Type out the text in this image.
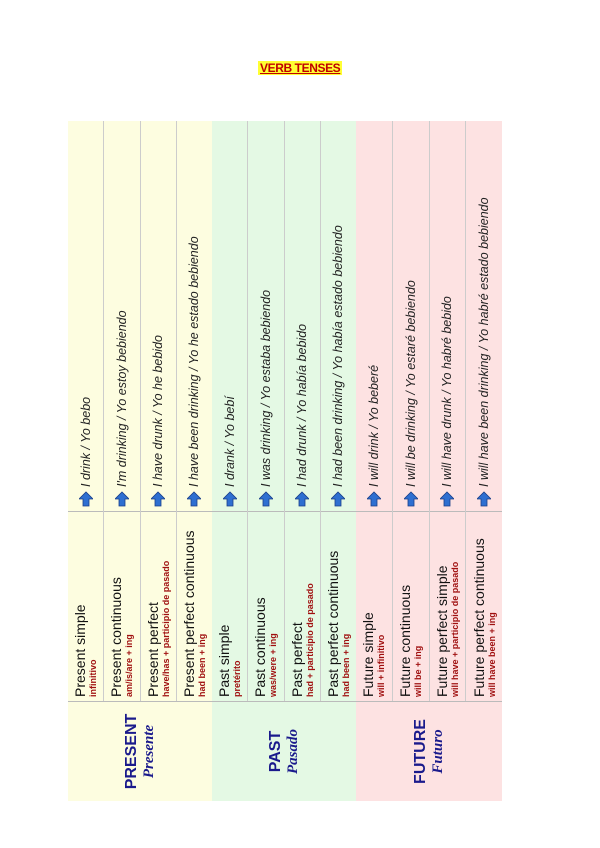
VERB TENSES
PRESENT Presente
Present simple infinitivo
I drink / Yo bebo
Present continuous am/is/are + ing
I'm drinking / Yo estoy bebiendo
Present perfect have/has + participio de pasado
I have drunk / Yo he bebido
Present perfect continuous had been + ing
I have been drinking / Yo he estado bebiendo
PAST Pasado
Past simple pretérito
I drank / Yo bebí
Past continuous was/were + ing
I was drinking / Yo estaba bebiendo
Past perfect had + participio de pasado
I had drunk / Yo había bebido
Past perfect continuous had been + ing
I had been drinking / Yo había estado bebiendo
FUTURE Futuro
Future simple will + infinitivo
I will drink / Yo beberé
Future continuous will be + ing
I will be drinking / Yo estaré bebiendo
Future perfect simple will have + participio de pasado
I will have drunk / Yo habré bebido
Future perfect continuous will have been + ing
I will have been drinking / Yo habré estado bebiendo
